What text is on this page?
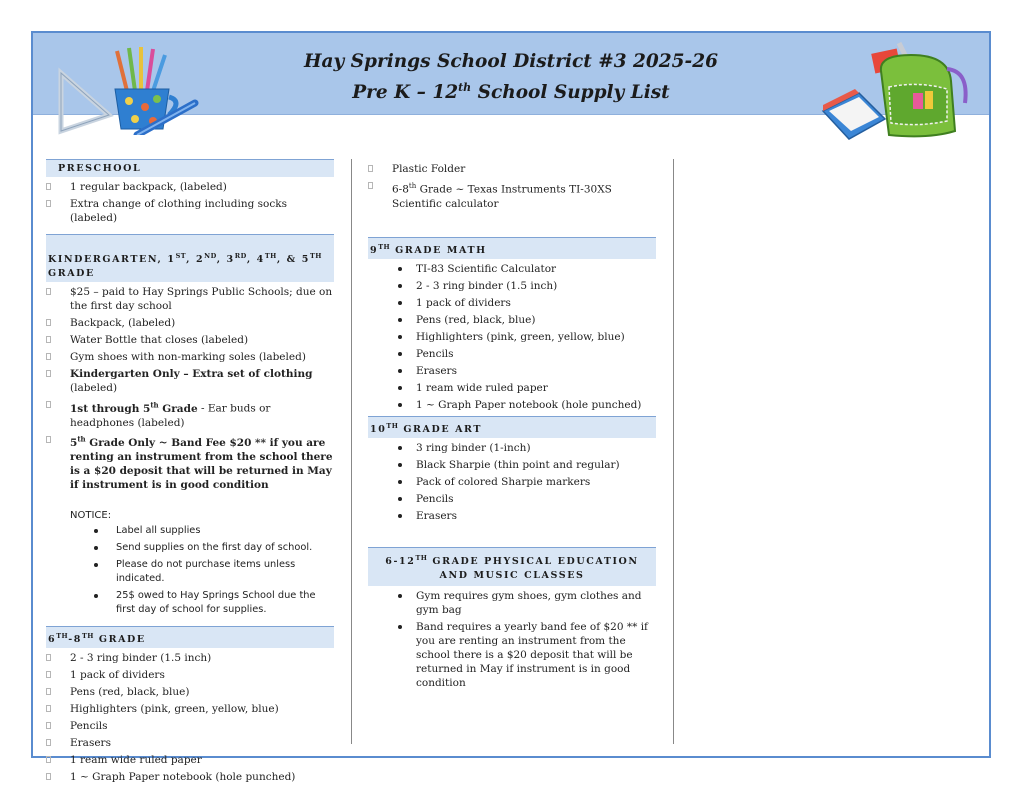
Hay Springs School District #3 2025-26
Pre K – 12th School Supply List
PRESCHOOL
1 regular backpack, (labeled)
Extra change of clothing including socks (labeled)
KINDERGARTEN, 1ST, 2ND, 3RD, 4TH, & 5TH GRADE
$25 – paid to Hay Springs Public Schools; due on the first day school
Backpack, (labeled)
Water Bottle that closes (labeled)
Gym shoes with non-marking soles (labeled)
Kindergarten Only – Extra set of clothing (labeled)
1st through 5th Grade - Ear buds or headphones (labeled)
5th Grade Only ~ Band Fee $20 ** if you are renting an instrument from the school there is a $20 deposit that will be returned in May if instrument is in good condition
NOTICE:
Label all supplies
Send supplies on the first day of school.
Please do not purchase items unless indicated.
25$ owed to Hay Springs School due the first day of school for supplies.
6TH-8TH GRADE
2 - 3 ring binder (1.5 inch)
1 pack of dividers
Pens (red, black, blue)
Highlighters (pink, green, yellow, blue)
Pencils
Erasers
1 ream wide ruled paper
1 ~ Graph Paper notebook (hole punched)
Plastic Folder
6-8th Grade ~ Texas Instruments TI-30XS Scientific calculator
9TH GRADE MATH
TI-83 Scientific Calculator
2 - 3 ring binder (1.5 inch)
1 pack of dividers
Pens (red, black, blue)
Highlighters (pink, green, yellow, blue)
Pencils
Erasers
1 ream wide ruled paper
1 ~ Graph Paper notebook (hole punched)
10TH GRADE ART
3 ring binder (1-inch)
Black Sharpie (thin point and regular)
Pack of colored Sharpie markers
Pencils
Erasers
6-12TH GRADE PHYSICAL EDUCATION AND MUSIC CLASSES
Gym requires gym shoes, gym clothes and gym bag
Band requires a yearly band fee of $20 ** if you are renting an instrument from the school there is a $20 deposit that will be returned in May if instrument is in good condition
